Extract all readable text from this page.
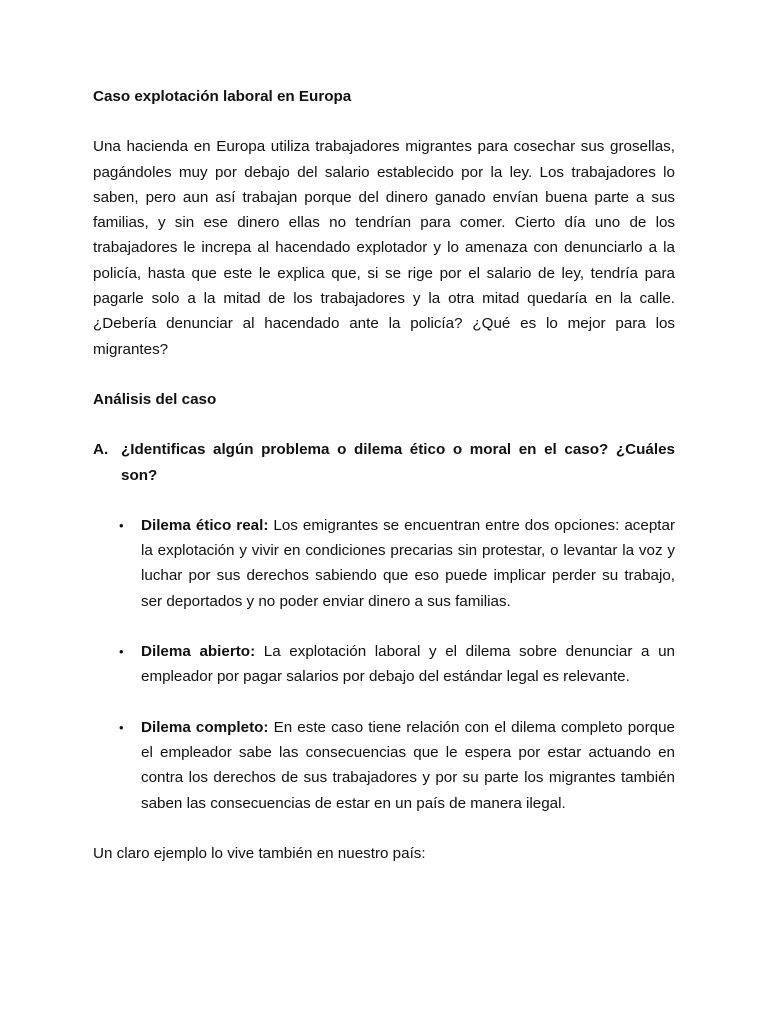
Caso explotación laboral en Europa
Una hacienda en Europa utiliza trabajadores migrantes para cosechar sus grosellas, pagándoles muy por debajo del salario establecido por la ley. Los trabajadores lo saben, pero aun así trabajan porque del dinero ganado envían buena parte a sus familias, y sin ese dinero ellas no tendrían para comer. Cierto día uno de los trabajadores le increpa al hacendado explotador y lo amenaza con denunciarlo a la policía, hasta que este le explica que, si se rige por el salario de ley, tendría para pagarle solo a la mitad de los trabajadores y la otra mitad quedaría en la calle. ¿Debería denunciar al hacendado ante la policía? ¿Qué es lo mejor para los migrantes?
Análisis del caso
A. ¿Identificas algún problema o dilema ético o moral en el caso? ¿Cuáles son?
• Dilema ético real: Los emigrantes se encuentran entre dos opciones: aceptar la explotación y vivir en condiciones precarias sin protestar, o levantar la voz y luchar por sus derechos sabiendo que eso puede implicar perder su trabajo, ser deportados y no poder enviar dinero a sus familias.
• Dilema abierto: La explotación laboral y el dilema sobre denunciar a un empleador por pagar salarios por debajo del estándar legal es relevante.
• Dilema completo: En este caso tiene relación con el dilema completo porque el empleador sabe las consecuencias que le espera por estar actuando en contra los derechos de sus trabajadores y por su parte los migrantes también saben las consecuencias de estar en un país de manera ilegal.
Un claro ejemplo lo vive también en nuestro país:
